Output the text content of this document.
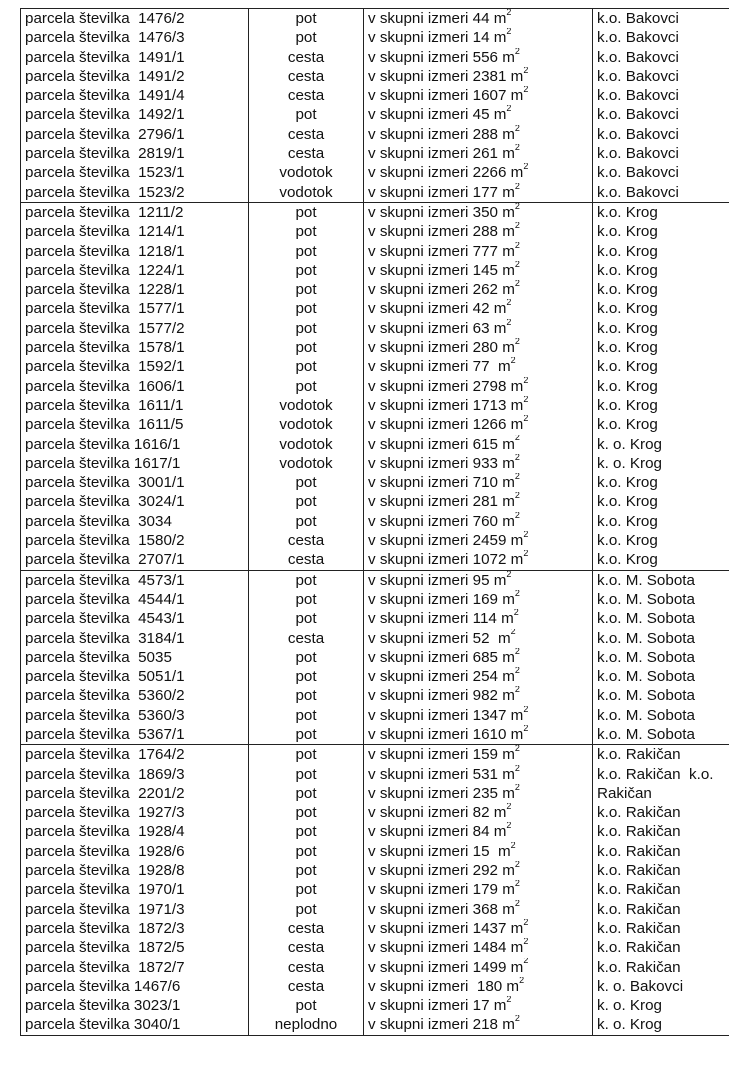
parcela številka  1476/2	pot	v skupni izmeri 44 $m^2$	k.o. Bakovci
parcela številka  1476/3	pot	v skupni izmeri 14 $m^2$	k.o. Bakovci
parcela številka  1491/1	cesta	v skupni izmeri 556 $m^2$	k.o. Bakovci
parcela številka  1491/2	cesta	v skupni izmeri 2381 $m^2$	k.o. Bakovci
parcela številka  1491/4	cesta	v skupni izmeri 1607 $m^2$	k.o. Bakovci
parcela številka  1492/1	pot	v skupni izmeri 45 $m^2$	k.o. Bakovci
parcela številka  2796/1	cesta	v skupni izmeri 288 $m^2$	k.o. Bakovci
parcela številka  2819/1	cesta	v skupni izmeri 261 $m^2$	k.o. Bakovci
parcela številka  1523/1	vodotok	v skupni izmeri 2266 $m^2$	k.o. Bakovci
parcela številka  1523/2	vodotok	v skupni izmeri 177 $m^2$	k.o. Bakovci
parcela številka  1211/2	pot	v skupni izmeri 350 $m^2$	k.o. Krog
parcela številka  1214/1	pot	v skupni izmeri 288 $m^2$	k.o. Krog
parcela številka  1218/1	pot	v skupni izmeri 777 $m^2$	k.o. Krog
parcela številka  1224/1	pot	v skupni izmeri 145 $m^2$	k.o. Krog
parcela številka  1228/1	pot	v skupni izmeri 262 $m^2$	k.o. Krog
parcela številka  1577/1	pot	v skupni izmeri 42 $m^2$	k.o. Krog
parcela številka  1577/2	pot	v skupni izmeri 63 $m^2$	k.o. Krog
parcela številka  1578/1	pot	v skupni izmeri 280 $m^2$	k.o. Krog
parcela številka  1592/1	pot	v skupni izmeri 77  $m^2$	k.o. Krog
parcela številka  1606/1	pot	v skupni izmeri 2798 $m^2$	k.o. Krog
parcela številka  1611/1	vodotok	v skupni izmeri 1713 $m^2$	k.o. Krog
parcela številka  1611/5	vodotok	v skupni izmeri 1266 $m^2$	k.o. Krog
parcela številka 1616/1	vodotok	v skupni izmeri 615 $m^2$	k. o. Krog
parcela številka 1617/1	vodotok	v skupni izmeri 933 $m^2$	k. o. Krog
parcela številka  3001/1	pot	v skupni izmeri 710 $m^2$	k.o. Krog
parcela številka  3024/1	pot	v skupni izmeri 281 $m^2$	k.o. Krog
parcela številka  3034	pot	v skupni izmeri 760 $m^2$	k.o. Krog
parcela številka  1580/2	cesta	v skupni izmeri 2459 $m^2$	k.o. Krog
parcela številka  2707/1	cesta	v skupni izmeri 1072 $m^2$	k.o. Krog
parcela številka  4573/1	pot	v skupni izmeri 95 $m^2$	k.o. M. Sobota
parcela številka  4544/1	pot	v skupni izmeri 169 $m^2$	k.o. M. Sobota
parcela številka  4543/1	pot	v skupni izmeri 114 $m^2$	k.o. M. Sobota
parcela številka  3184/1	cesta	v skupni izmeri 52  $m^2$	k.o. M. Sobota
parcela številka  5035	pot	v skupni izmeri 685 $m^2$	k.o. M. Sobota
parcela številka  5051/1	pot	v skupni izmeri 254 $m^2$	k.o. M. Sobota
parcela številka  5360/2	pot	v skupni izmeri 982 $m^2$	k.o. M. Sobota
parcela številka  5360/3	pot	v skupni izmeri 1347 $m^2$	k.o. M. Sobota
parcela številka  5367/1	pot	v skupni izmeri 1610 $m^2$	k.o. M. Sobota
parcela številka  1764/2	pot	v skupni izmeri 159 $m^2$	k.o. Rakičan
parcela številka  1869/3	pot	v skupni izmeri 531 $m^2$	k.o. Rakičan  k.o.
parcela številka  2201/2	pot	v skupni izmeri 235 $m^2$	Rakičan
parcela številka  1927/3	pot	v skupni izmeri 82 $m^2$	k.o. Rakičan
parcela številka  1928/4	pot	v skupni izmeri 84 $m^2$	k.o. Rakičan
parcela številka  1928/6	pot	v skupni izmeri 15  $m^2$	k.o. Rakičan
parcela številka  1928/8	pot	v skupni izmeri 292 $m^2$	k.o. Rakičan
parcela številka  1970/1	pot	v skupni izmeri 179 $m^2$	k.o. Rakičan
parcela številka  1971/3	pot	v skupni izmeri 368 $m^2$	k.o. Rakičan
parcela številka  1872/3	cesta	v skupni izmeri 1437 $m^2$	k.o. Rakičan
parcela številka  1872/5	cesta	v skupni izmeri 1484 $m^2$	k.o. Rakičan
parcela številka  1872/7	cesta	v skupni izmeri 1499 $m^2$	k.o. Rakičan
parcela številka 1467/6	cesta	v skupni izmeri  180 $m^2$	k. o. Bakovci
parcela številka 3023/1	pot	v skupni izmeri 17 $m^2$	k. o. Krog
parcela številka 3040/1	neplodno	v skupni izmeri 218 $m^2$	k. o. Krog
